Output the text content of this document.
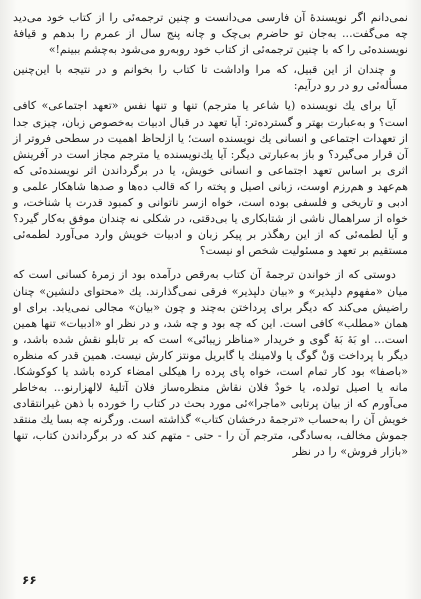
نمی‌دانم اگر نویسندهٔ آن فارسی می‌دانست و چنین ترجمه‌ئی را از کتاب خود می‌دید چه می‌گفت... به‌جان تو حاضرم بی‌چک و چانه پنج سال از عمرم را بدهم و قیافهٔ نویسنده‌ئی را که با چنین ترجمه‌ئی از کتاب خود روبه‌رو می‌شود به‌چشم ببینم!»

و چندان از این قبیل، که مرا واداشت تا کتاب را بخوانم و در نتیجه با این‌چنین مسأله‌ئی رو در رو درآیم:

آیا برای یك نویسنده (یا شاعر یا مترجم) تنها و تنها نفس «تعهد اجتماعی» کافی است؟ و به‌عبارت بهتر و گسترده‌تر: آیا تعهد در قبال ادبیات به‌خصوص زبان، چیزی جدا از تعهدات اجتماعی و انسانی یك نویسنده است؛ یا از‌لحاظ اهمیت در سطحی فروتر از آن قرار می‌گیرد؟ و باز به‌عبارتی دیگر: آیا یك‌نویسنده یا مترجم مجاز است در آفرینش اثری بر اساس تعهد اجتماعی و انسانی خویش، یا در برگرداندن اثر نویسنده‌ئی که هم‌عهد و هم‌رزم اوست، زبانی اصیل و پخته را که قالب ده‌ها و صدها شاهکار علمی و ادبی و تاریخی و فلسفی بوده است، خواه از‌سر ناتوانی و کمبود قدرت یا شناخت، و خواه از سراهمال ناشی از شتابکاری یا بی‌دقتی، در شکلی نه چندان موفق به‌کار گیرد؟ و آیا لطمه‌ئی که از این رهگذر بر پیکر زبان و ادبیات خویش وارد می‌آورد لطمه‌ئی مستقیم بر تعهد و مسئولیت شخص او نیست؟

دوستی که از خواندن ترجمهٔ آن کتاب به‌رقص درآمده بود از زمرهٔ کسانی است که میان «مفهوم دلپذیر» و «بیان دلپذیر» فرقی نمی‌گذارند. یك «محتوای دلنشین» چنان راضیش می‌کند که دیگر برای پرداختن به‌چند و چون «بیان» مجالی نمی‌یابد. برای او همان «مطلب» کافی است. این که چه بود و چه شد، و در نظر او «ادبیات» تنها همین است... او بَهٔ بَهٔ گوی و خریدار «مناظر زیبائی» است که بر تابلو نقش شده باشد، و دیگر با پرداخت وَنْ گوگ یا ولامینك یا گابریل مونتز کارش نیست. همین قدر که منظره «باصفا» بود کار تمام است، خواه پای پرده را هیکلی امضاء کرده باشد یا کوکوشکا. مانه یا اصیل تولده، یا خودٌ فلان نقاش منظره‌ساز فلان آتلیهٔ لالهزارنو... به‌خاطر می‌آورم که از بیان پرتابی «ماجرا»ئی مورد بحث در کتاب را خورده با ذهن غیرانتقادی خویش آن را به‌حساب «ترجمهٔ درخشان کتاب» گذاشته است. ورگرنه چه بسا یك منتقد جموش مخالف، به‌سادگی، مترجم آن را - حتی - متهم کند که در برگرداندن کتاب، تنها «بازار فروش» را در نظر

۶۶
